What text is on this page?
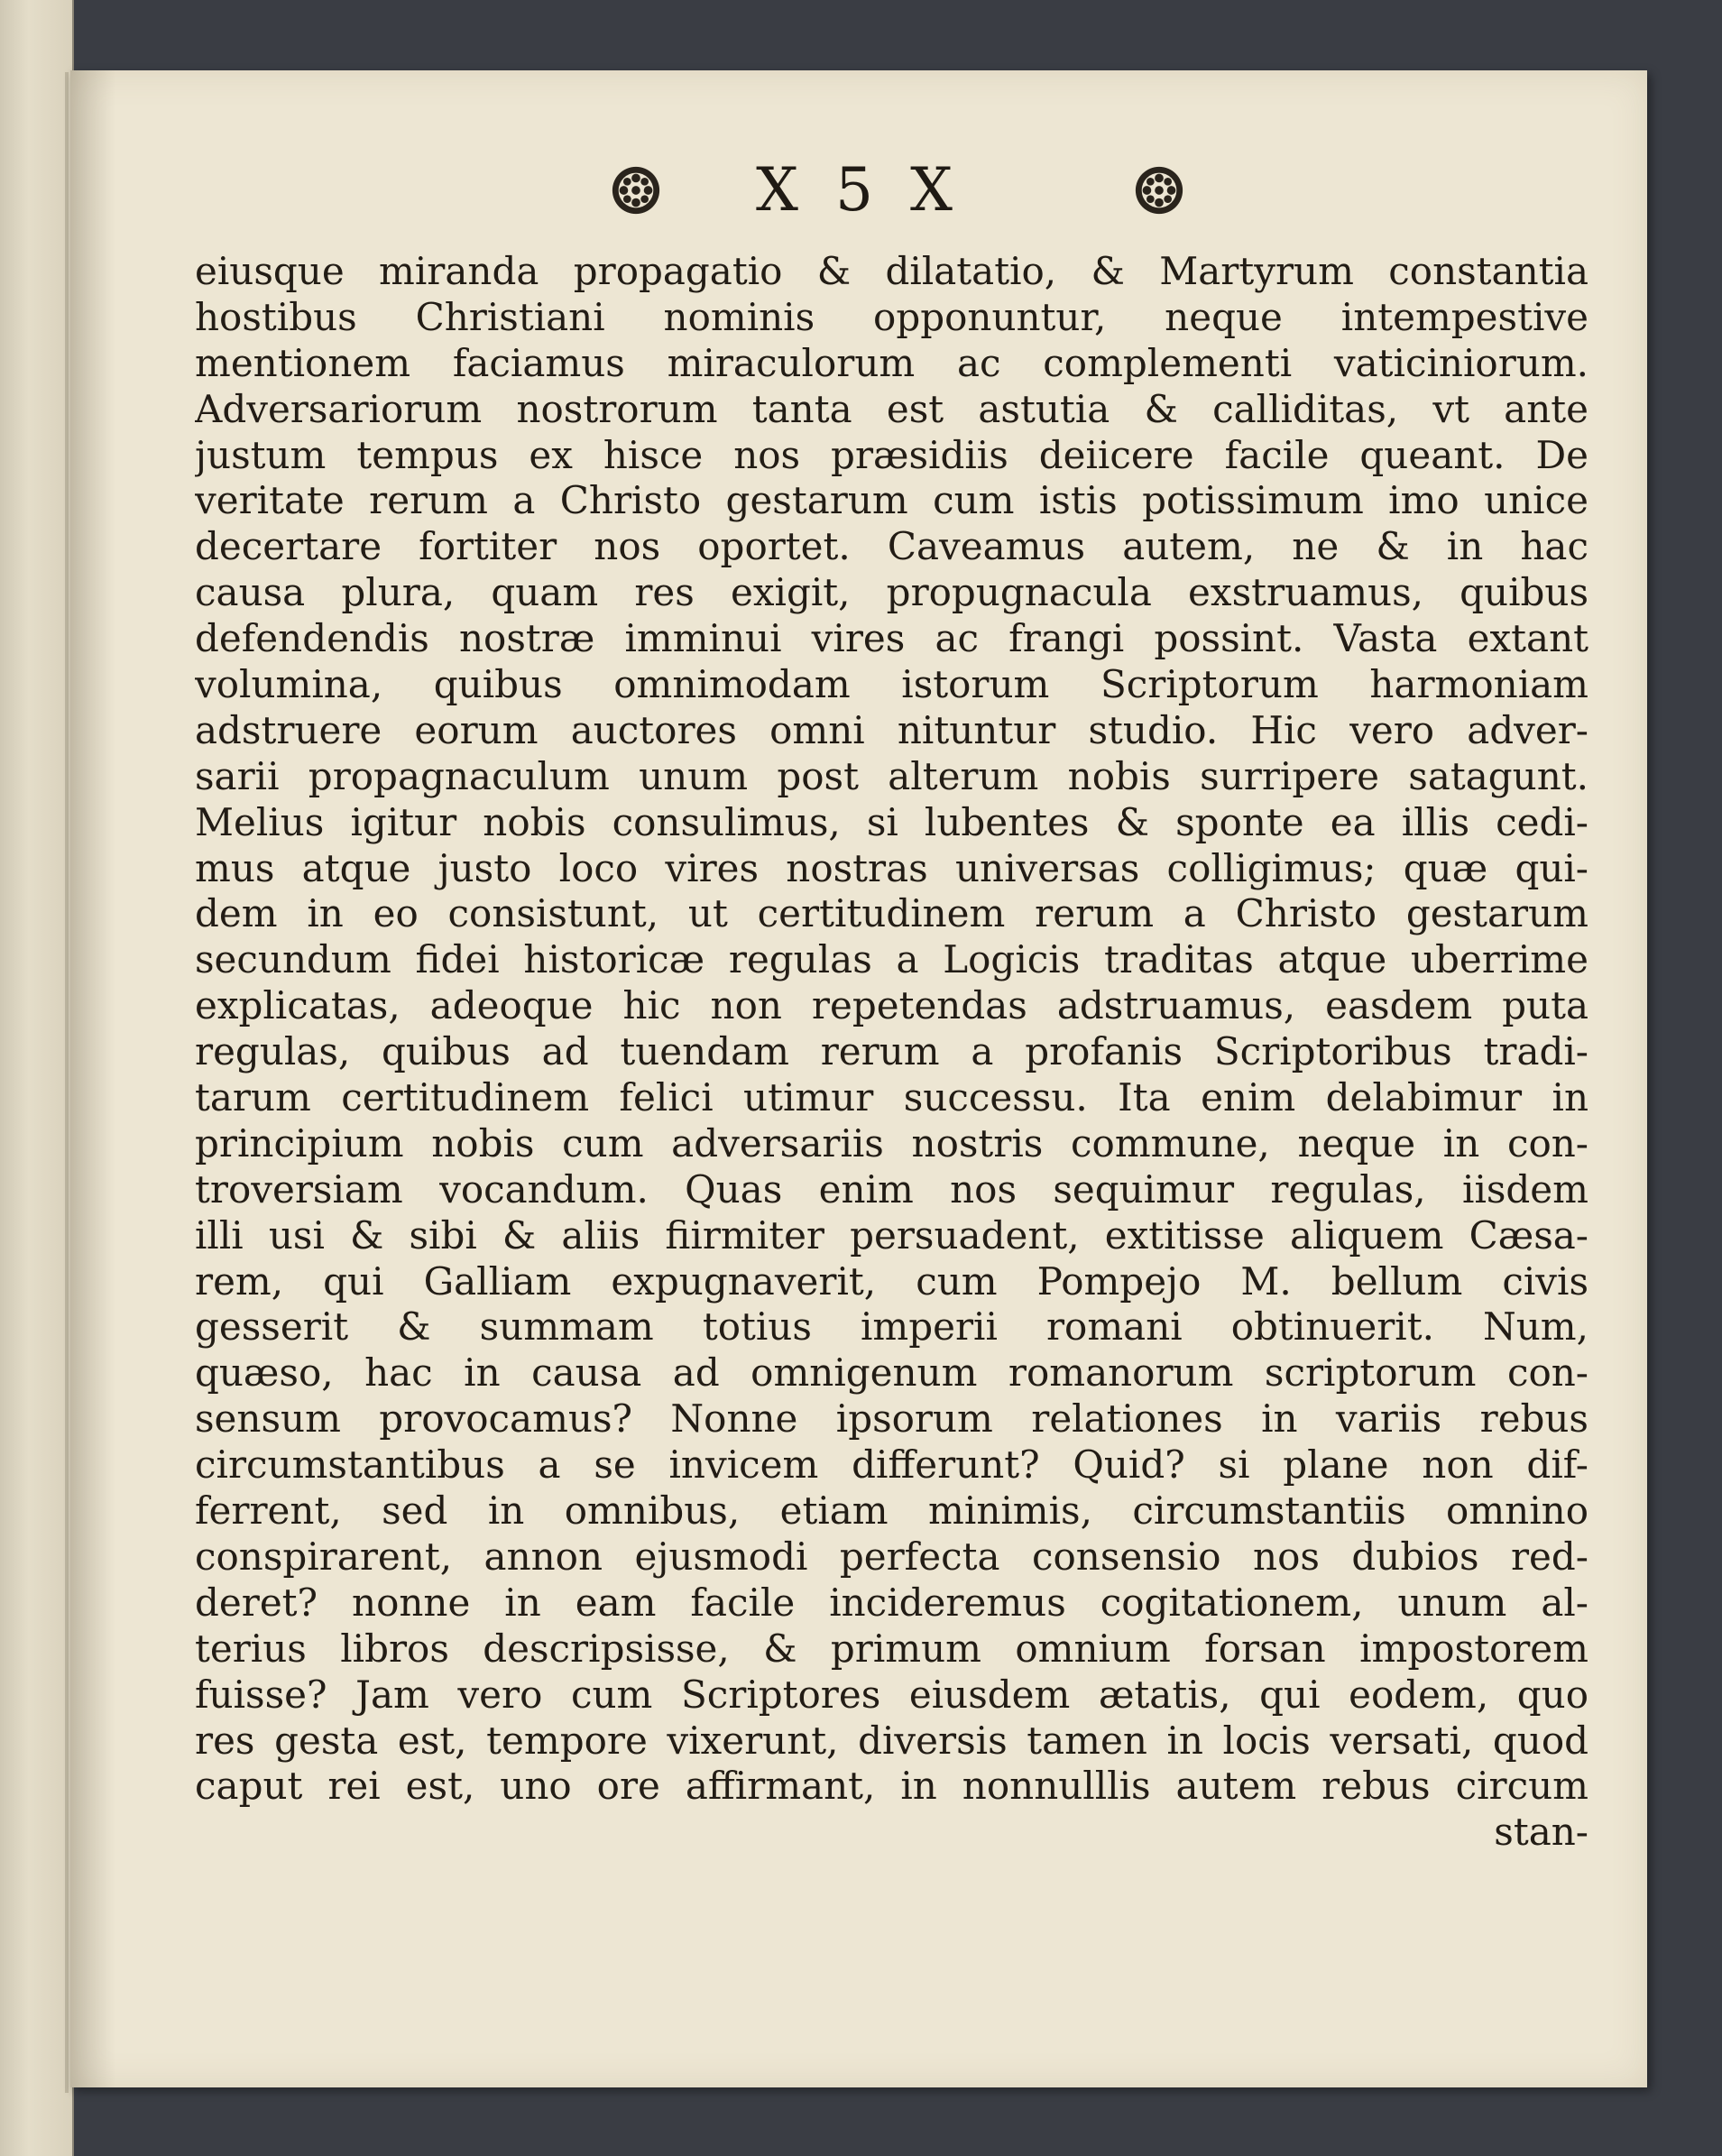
X 5 X
eiusque miranda propagatio & dilatatio, & Martyrum constantia
hostibus Christiani nominis opponuntur, neque intempestive
mentionem faciamus miraculorum ac complementi vaticiniorum.
Adversariorum nostrorum tanta est astutia & calliditas, vt ante
justum tempus ex hisce nos præsidiis deiicere facile queant. De
veritate rerum a Christo gestarum cum istis potissimum imo unice
decertare fortiter nos oportet. Caveamus autem, ne & in hac
causa plura, quam res exigit, propugnacula exstruamus, quibus
defendendis nostræ imminui vires ac frangi possint. Vasta extant
volumina, quibus omnimodam istorum Scriptorum harmoniam
adstruere eorum auctores omni nituntur studio. Hic vero adver-
sarii propagnaculum unum post alterum nobis surripere satagunt.
Melius igitur nobis consulimus, si lubentes & sponte ea illis cedi-
mus atque justo loco vires nostras universas colligimus; quæ qui-
dem in eo consistunt, ut certitudinem rerum a Christo gestarum
secundum fidei historicæ regulas a Logicis traditas atque uberrime
explicatas, adeoque hic non repetendas adstruamus, easdem puta
regulas, quibus ad tuendam rerum a profanis Scriptoribus tradi-
tarum certitudinem felici utimur successu. Ita enim delabimur in
principium nobis cum adversariis nostris commune, neque in con-
troversiam vocandum. Quas enim nos sequimur regulas, iisdem
illi usi & sibi & aliis fiirmiter persuadent, extitisse aliquem Cæsa-
rem, qui Galliam expugnaverit, cum Pompejo M. bellum civis
gesserit & summam totius imperii romani obtinuerit. Num,
quæso, hac in causa ad omnigenum romanorum scriptorum con-
sensum provocamus? Nonne ipsorum relationes in variis rebus
circumstantibus a se invicem differunt? Quid? si plane non dif-
ferrent, sed in omnibus, etiam minimis, circumstantiis omnino
conspirarent, annon ejusmodi perfecta consensio nos dubios red-
deret? nonne in eam facile incideremus cogitationem, unum al-
terius libros descripsisse, & primum omnium forsan impostorem
fuisse? Jam vero cum Scriptores eiusdem ætatis, qui eodem, quo
res gesta est, tempore vixerunt, diversis tamen in locis versati, quod
caput rei est, uno ore affirmant, in nonnulllis autem rebus circum
stan-
